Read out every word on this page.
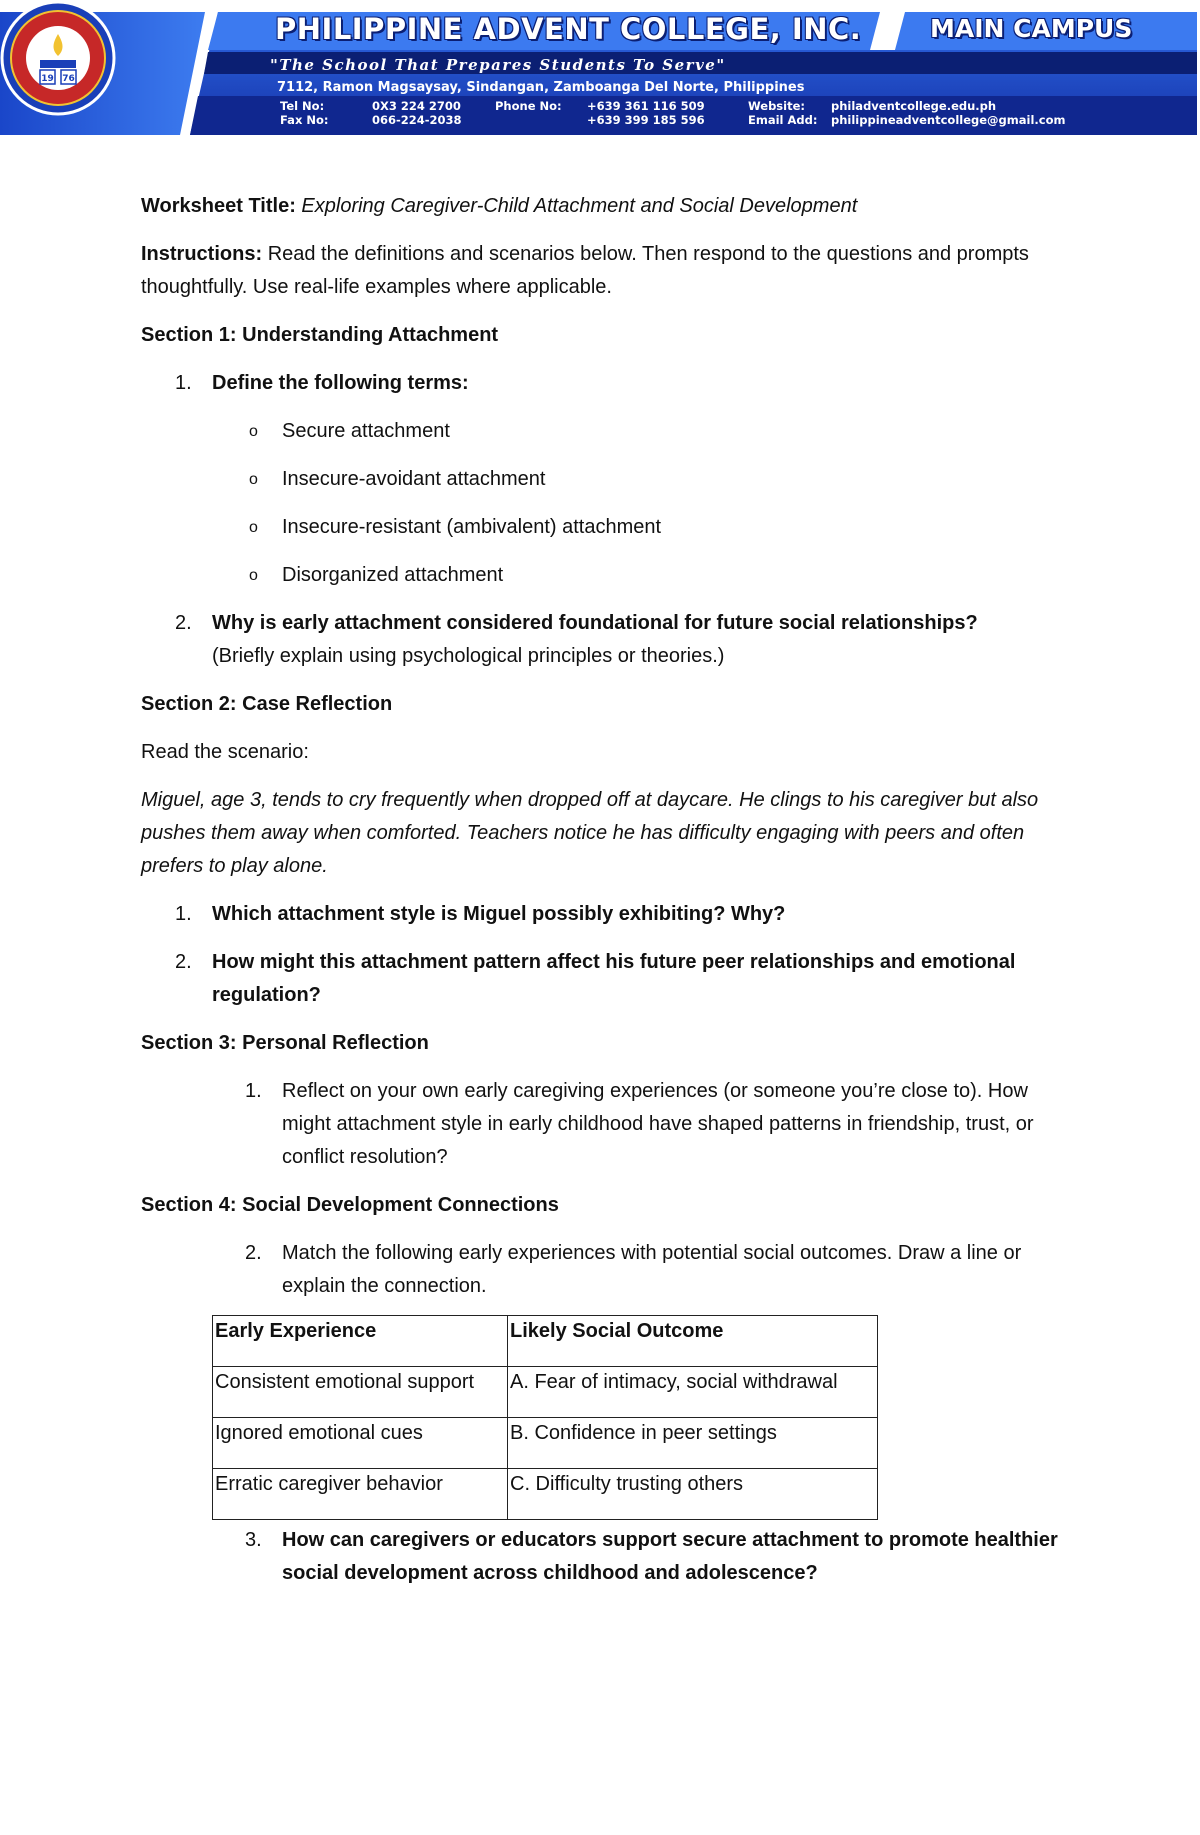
19 76
PHILIPPINE ADVENT COLLEGE, INC.	MAIN CAMPUS
"The School That Prepares Students To Serve"
7112, Ramon Magsaysay, Sindangan, Zamboanga Del Norte, Philippines
Tel No:	0X3 224 2700
Fax No:	066-224-2038
Phone No: +639 361 116 509
+639 399 185 596
Website: philadventcollege.edu.ph
Email Add: philippineadventcollege@gmail.com

Worksheet Title: Exploring Caregiver-Child Attachment and Social Development

Instructions: Read the definitions and scenarios below. Then respond to the questions and prompts thoughtfully. Use real-life examples where applicable.

Section 1: Understanding Attachment
1. Define the following terms:
o Secure attachment
o Insecure-avoidant attachment
o Insecure-resistant (ambivalent) attachment
o Disorganized attachment
2. Why is early attachment considered foundational for future social relationships?
(Briefly explain using psychological principles or theories.)
Section 2: Case Reflection

Read the scenario:

Miguel, age 3, tends to cry frequently when dropped off at daycare. He clings to his caregiver but also pushes them away when comforted. Teachers notice he has difficulty engaging with peers and often prefers to play alone.

1. Which attachment style is Miguel possibly exhibiting? Why?
2. How might this attachment pattern affect his future peer relationships and emotional regulation?
Section 3: Personal Reflection
1. Reflect on your own early caregiving experiences (or someone you’re close to). How might attachment style in early childhood have shaped patterns in friendship, trust, or conflict resolution?
Section 4: Social Development Connections
2. Match the following early experiences with potential social outcomes. Draw a line or explain the connection.
Early Experience	Likely Social Outcome
Consistent emotional support	A. Fear of intimacy, social withdrawal
Ignored emotional cues	B. Confidence in peer settings
Erratic caregiver behavior	C. Difficulty trusting others
3. How can caregivers or educators support secure attachment to promote healthier social development across childhood and adolescence?
